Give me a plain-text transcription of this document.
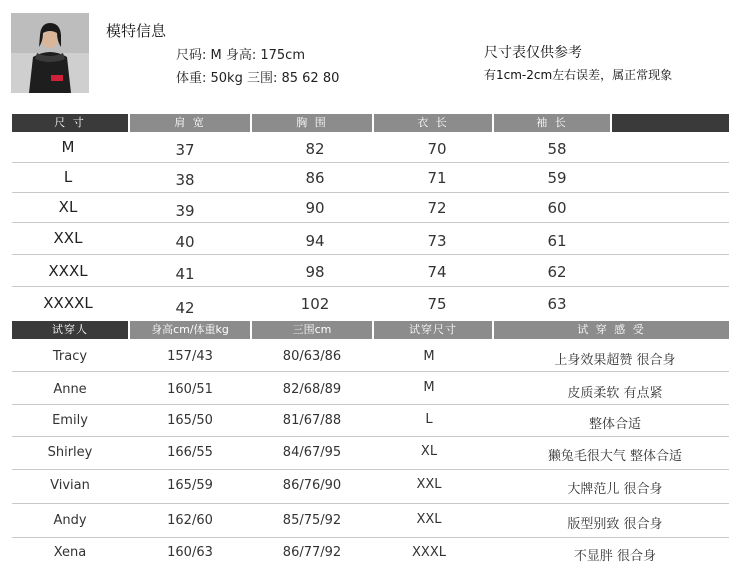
模特信息
尺码: M 身高: 175cm
体重: 50kg 三围: 85 62 80
尺寸表仅供参考
有1cm-2cm左右误差，属正常现象
尺 寸	肩 宽	胸 围	衣 长	袖 长
M	37	82	70	58
L	38	86	71	59
XL	39	90	72	60
XXL	40	94	73	61
XXXL	41	98	74	62
XXXXL	42	102	75	63
试穿人	身高cm/体重kg	三围cm	试穿尺寸	试 穿 感 受
Tracy	157/43	80/63/86	M	上身效果超赞 很合身
Anne	160/51	82/68/89	M	皮质柔软 有点紧
Emily	165/50	81/67/88	L	整体合适
Shirley	166/55	84/67/95	XL	獭兔毛很大气 整体合适
Vivian	165/59	86/76/90	XXL	大牌范儿 很合身
Andy	162/60	85/75/92	XXL	版型别致 很合身
Xena	160/63	86/77/92	XXXL	不显胖 很合身
